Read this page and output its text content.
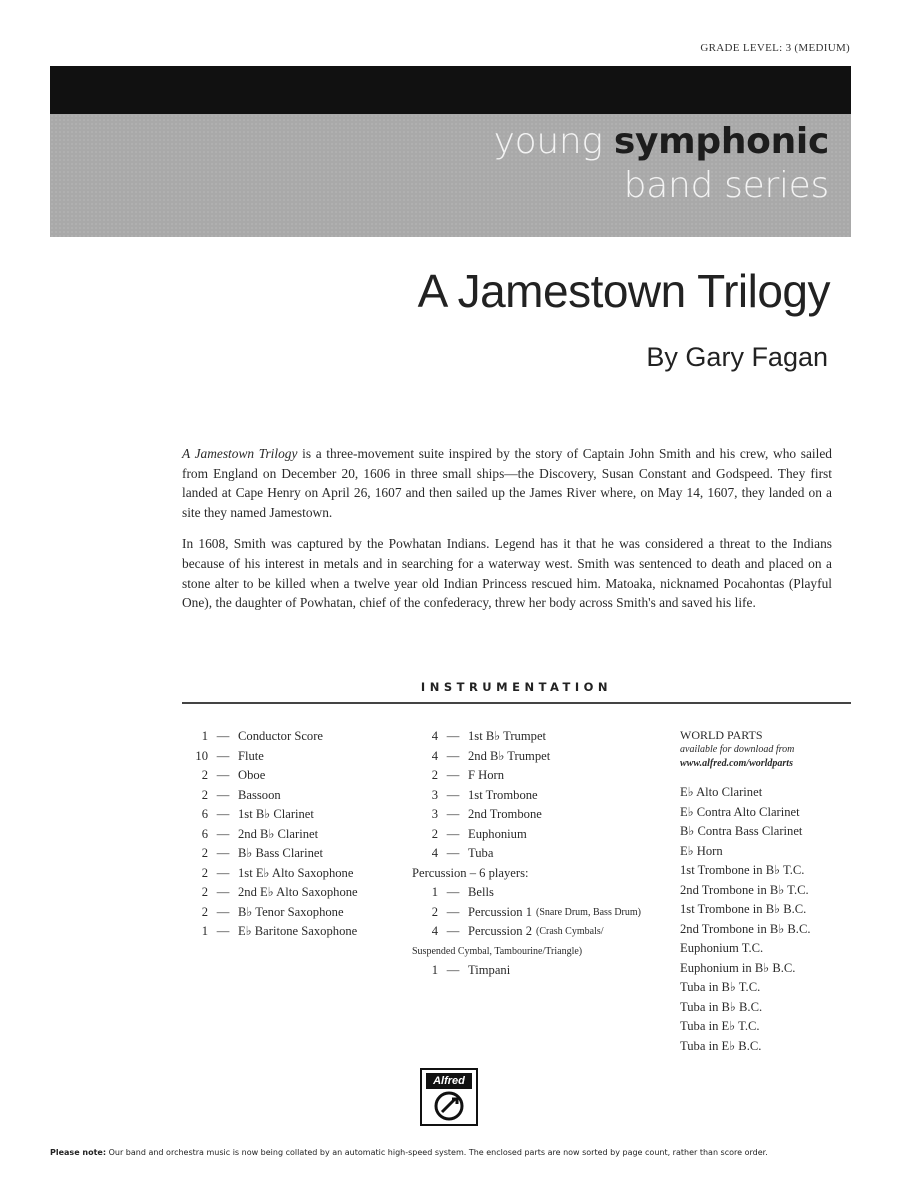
GRADE LEVEL: 3 (MEDIUM)
young symphonic
band series
A Jamestown Trilogy
By Gary Fagan

A Jamestown Trilogy is a three-movement suite inspired by the story of Captain John Smith and his crew, who sailed from England on December 20, 1606 in three small ships—the Discovery, Susan Constant and Godspeed. They first landed at Cape Henry on April 26, 1607 and then sailed up the James River where, on May 14, 1607, they landed on a site they named Jamestown.

In 1608, Smith was captured by the Powhatan Indians. Legend has it that he was considered a threat to the Indians because of his interest in metals and in searching for a waterway west. Smith was sentenced to death and placed on a stone alter to be killed when a twelve year old Indian Princess rescued him. Matoaka, nicknamed Pocahontas (Playful One), the daughter of Powhatan, chief of the confederacy, threw her body across Smith's and saved his life.

INSTRUMENTATION
1 — Conductor Score
10 — Flute
2 — Oboe
2 — Bassoon
6 — 1st B♭ Clarinet
6 — 2nd B♭ Clarinet
2 — B♭ Bass Clarinet
2 — 1st E♭ Alto Saxophone
2 — 2nd E♭ Alto Saxophone
2 — B♭ Tenor Saxophone
1 — E♭ Baritone Saxophone
4 — 1st B♭ Trumpet
4 — 2nd B♭ Trumpet
2 — F Horn
3 — 1st Trombone
3 — 2nd Trombone
2 — Euphonium
4 — Tuba
Percussion – 6 players:
1 — Bells
2 — Percussion 1 (Snare Drum, Bass Drum)
4 — Percussion 2 (Crash Cymbals/
Suspended Cymbal, Tambourine/Triangle)
1 — Timpani
WORLD PARTS
available for download from
www.alfred.com/worldparts
E♭ Alto Clarinet
E♭ Contra Alto Clarinet
B♭ Contra Bass Clarinet
E♭ Horn
1st Trombone in B♭ T.C.
2nd Trombone in B♭ T.C.
1st Trombone in B♭ B.C.
2nd Trombone in B♭ B.C.
Euphonium T.C.
Euphonium in B♭ B.C.
Tuba in B♭ T.C.
Tuba in B♭ B.C.
Tuba in E♭ T.C.
Tuba in E♭ B.C.
Alfred
Please note: Our band and orchestra music is now being collated by an automatic high-speed system. The enclosed parts are now sorted by page count, rather than score order.
